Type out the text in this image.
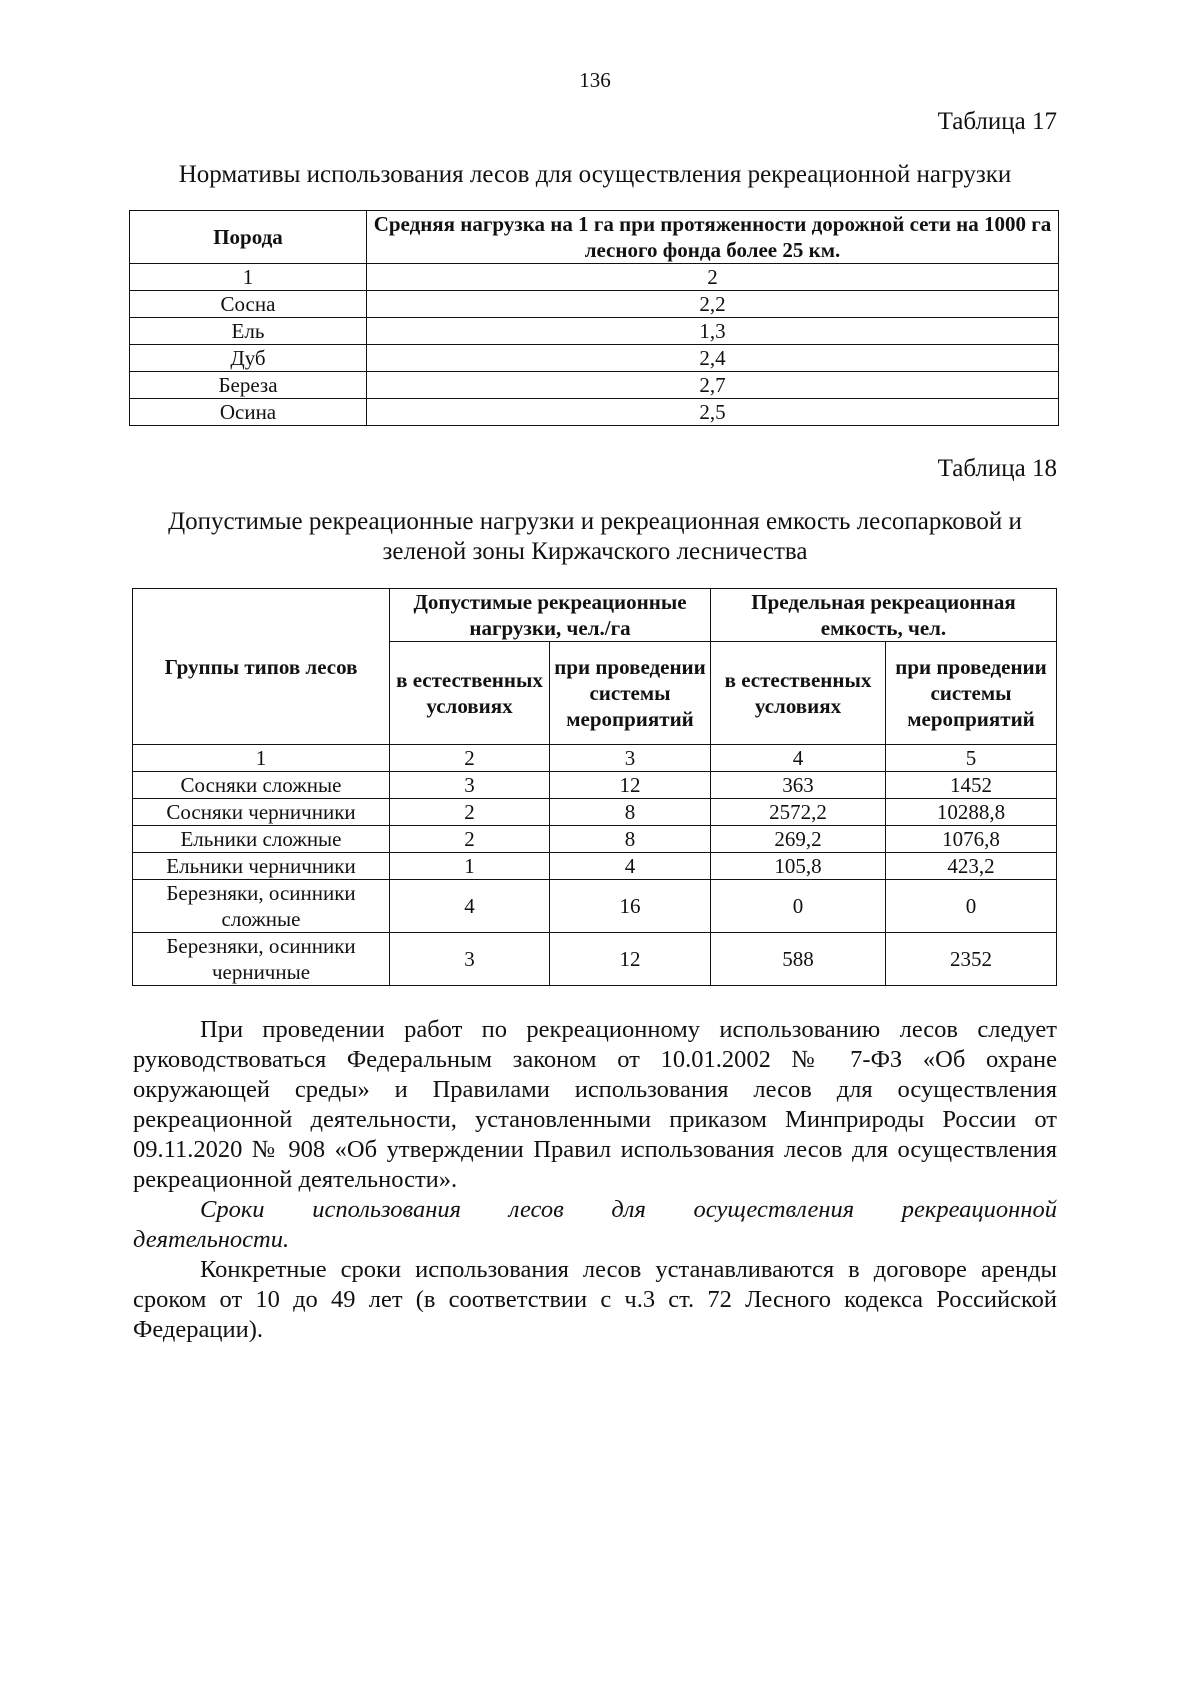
136
Таблица 17
Нормативы использования лесов для осуществления рекреационной нагрузки
Порода	Средняя нагрузка на 1 га при протяженности дорожной сети на 1000 га лесного фонда более 25 км.
1	2
Сосна	2,2
Ель	1,3
Дуб	2,4
Береза	2,7
Осина	2,5
Таблица 18
Допустимые рекреационные нагрузки и рекреационная емкость лесопарковой и
зеленой зоны Киржачского лесничества
Группы типов лесов	Допустимые рекреационные нагрузки, чел./га		Предельная рекреационная емкость, чел.	
	в естественных условиях	при проведении системы мероприятий	в естественных условиях	при проведении системы мероприятий
1	2	3	4	5
Сосняки сложные	3	12	363	1452
Сосняки черничники	2	8	2572,2	10288,8
Ельники сложные	2	8	269,2	1076,8
Ельники черничники	1	4	105,8	423,2
Березняки, осинники сложные	4	16	0	0
Березняки, осинники черничные	3	12	588	2352
При проведении работ по рекреационному использованию лесов следует
руководствоваться Федеральным законом от 10.01.2002 № 7-ФЗ «Об охране
окружающей среды» и Правилами использования лесов для осуществления
рекреационной деятельности, установленными приказом Минприроды России от
09.11.2020 № 908 «Об утверждении Правил использования лесов для осуществления
рекреационной деятельности».
Сроки использования лесов для осуществления рекреационной
деятельности.
Конкретные сроки использования лесов устанавливаются в договоре аренды
сроком от 10 до 49 лет (в соответствии с ч.3 ст. 72 Лесного кодекса Российской
Федерации).
